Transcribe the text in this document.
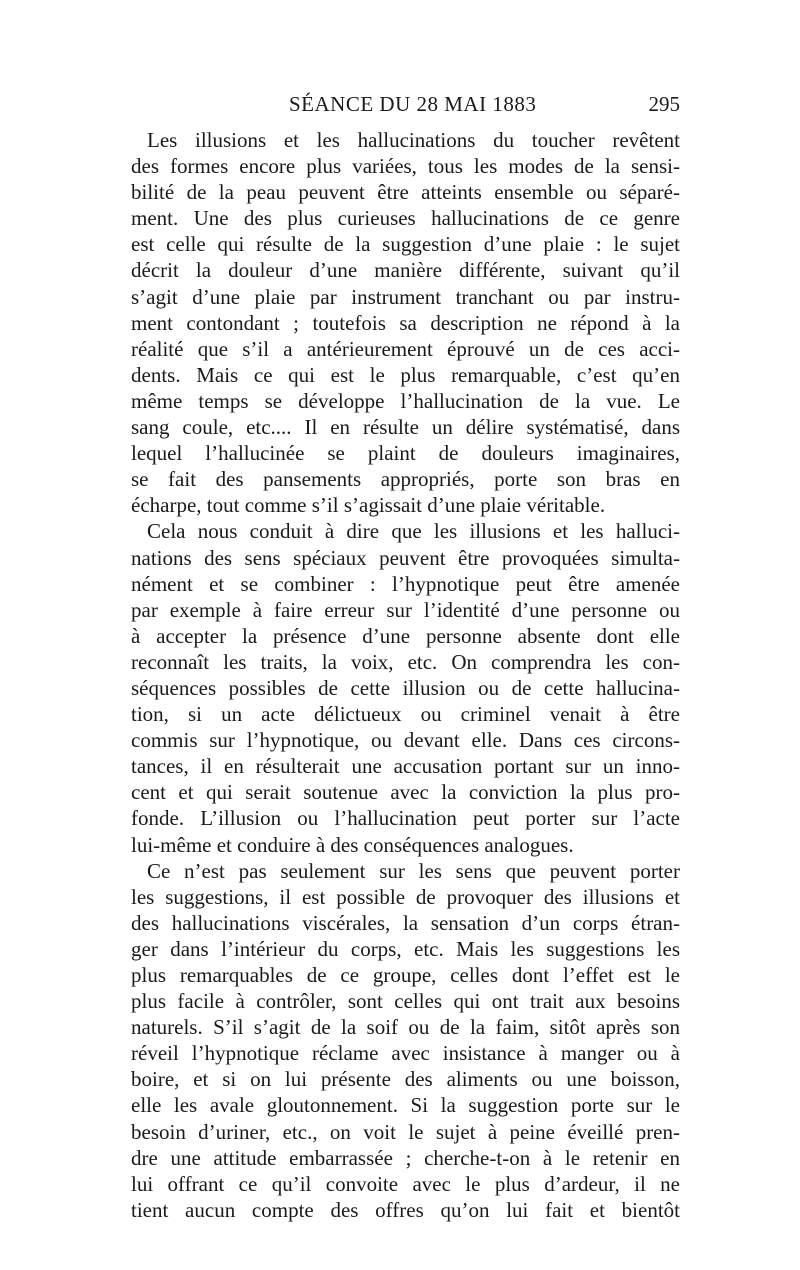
SÉANCE DU 28 MAI 1883	295
Les illusions et les hallucinations du toucher revêtent
des formes encore plus variées, tous les modes de la sensi-
bilité de la peau peuvent être atteints ensemble ou séparé-
ment. Une des plus curieuses hallucinations de ce genre
est celle qui résulte de la suggestion d’une plaie : le sujet
décrit la douleur d’une manière différente, suivant qu’il
s’agit d’une plaie par instrument tranchant ou par instru-
ment contondant ; toutefois sa description ne répond à la
réalité que s’il a antérieurement éprouvé un de ces acci-
dents. Mais ce qui est le plus remarquable, c’est qu’en
même temps se développe l’hallucination de la vue. Le
sang coule, etc.... Il en résulte un délire systématisé, dans
lequel l’hallucinée se plaint de douleurs imaginaires,
se fait des pansements appropriés, porte son bras en
écharpe, tout comme s’il s’agissait d’une plaie véritable.
Cela nous conduit à dire que les illusions et les halluci-
nations des sens spéciaux peuvent être provoquées simulta-
nément et se combiner : l’hypnotique peut être amenée
par exemple à faire erreur sur l’identité d’une personne ou
à accepter la présence d’une personne absente dont elle
reconnaît les traits, la voix, etc. On comprendra les con-
séquences possibles de cette illusion ou de cette hallucina-
tion, si un acte délictueux ou criminel venait à être
commis sur l’hypnotique, ou devant elle. Dans ces circons-
tances, il en résulterait une accusation portant sur un inno-
cent et qui serait soutenue avec la conviction la plus pro-
fonde. L’illusion ou l’hallucination peut porter sur l’acte
lui-même et conduire à des conséquences analogues.
Ce n’est pas seulement sur les sens que peuvent porter
les suggestions, il est possible de provoquer des illusions et
des hallucinations viscérales, la sensation d’un corps étran-
ger dans l’intérieur du corps, etc. Mais les suggestions les
plus remarquables de ce groupe, celles dont l’effet est le
plus facile à contrôler, sont celles qui ont trait aux besoins
naturels. S’il s’agit de la soif ou de la faim, sitôt après son
réveil l’hypnotique réclame avec insistance à manger ou à
boire, et si on lui présente des aliments ou une boisson,
elle les avale gloutonnement. Si la suggestion porte sur le
besoin d’uriner, etc., on voit le sujet à peine éveillé pren-
dre une attitude embarrassée ; cherche-t-on à le retenir en
lui offrant ce qu’il convoite avec le plus d’ardeur, il ne
tient aucun compte des offres qu’on lui fait et bientôt
